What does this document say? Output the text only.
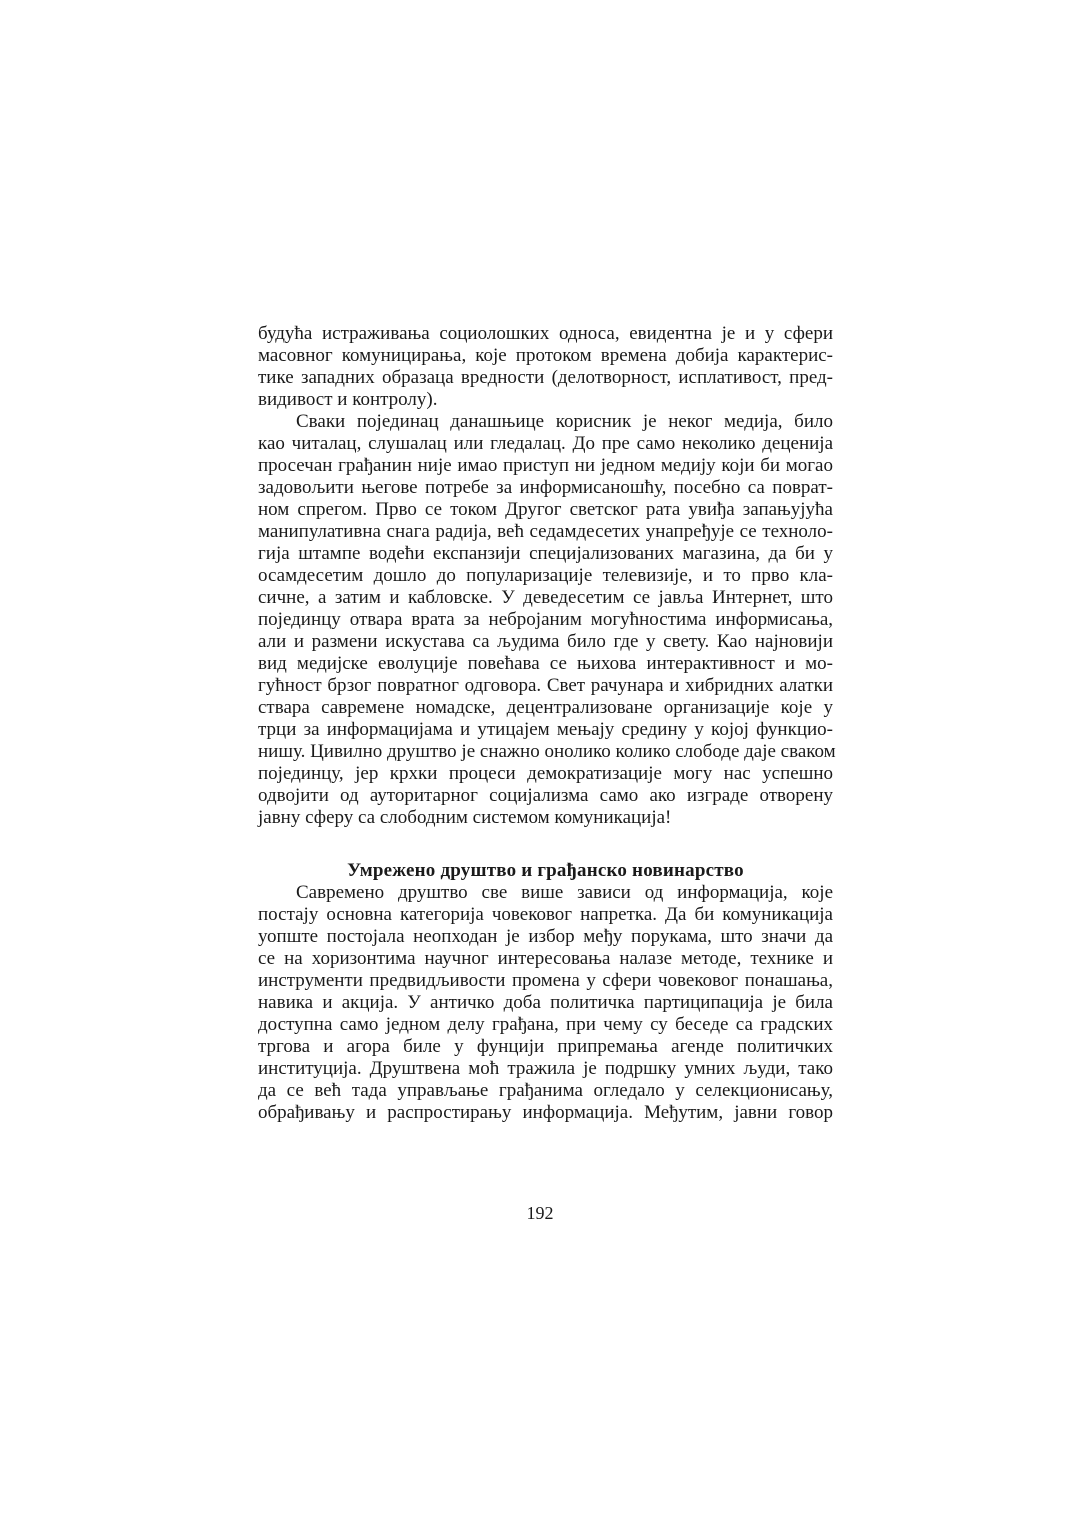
будућа истраживања социолошких односа, евидентна је и у сфери
масовног комуницирања, које протоком времена добија карактерис-
тике западних образаца вредности (делотворност, исплативост, пред-
видивост и контролу).
Сваки појединац данашњице корисник је неког медија, било
као читалац, слушалац или гледалац. До пре само неколико деценија
просечан грађанин није имао приступ ни једном медију који би могао
задовољити његове потребе за информисаношћу, посебно са поврат-
ном спрегом. Прво се током Другог светског рата увиђа запањујућа
манипулативна снага радија, већ седамдесетих унапређује се техноло-
гија штампе водећи експанзији специјализованих магазина, да би у
осамдесетим дошло до популаризације телевизије, и то прво кла-
сичне, а затим и кабловске. У деведесетим се јавља Интернет, што
појединцу отвара врата за небројаним могућностима информисања,
али и размени искустава са људима било где у свету. Као најновији
вид медијске еволуције повећава се њихова интерактивност и мо-
гућност брзог повратног одговора. Свет рачунара и хибридних алатки
ствара савремене номадске, децентрализоване организације које у
трци за информацијама и утицајем мењају средину у којој функцио-
нишу. Цивилно друштво је снажно онолико колико слободе даје сваком
појединцу, јер крхки процеси демократизације могу нас успешно
одвојити од ауторитарног социјализма само ако изграде отворену
јавну сферу са слободним системом комуникација!
Умрежено друштво и грађанско новинарство
Савремено друштво све више зависи од информација, које
постају основна категорија човековог напретка. Да би комуникација
уопште постојала неопходан је избор међу порукама, што значи да
се на хоризонтима научног интересовања налазе методе, технике и
инструменти предвидљивости промена у сфери човековог понашања,
навика и акција. У античко доба политичка партиципација је била
доступна само једном делу грађана, при чему су беседе са градских
тргова и агора биле у фунцији припремања агенде политичких
институција. Друштвена моћ тражила је подршку умних људи, тако
да се већ тада управљање грађанима огледало у селекционисању,
обрађивању и распростирању информација. Међутим, јавни говор
192
